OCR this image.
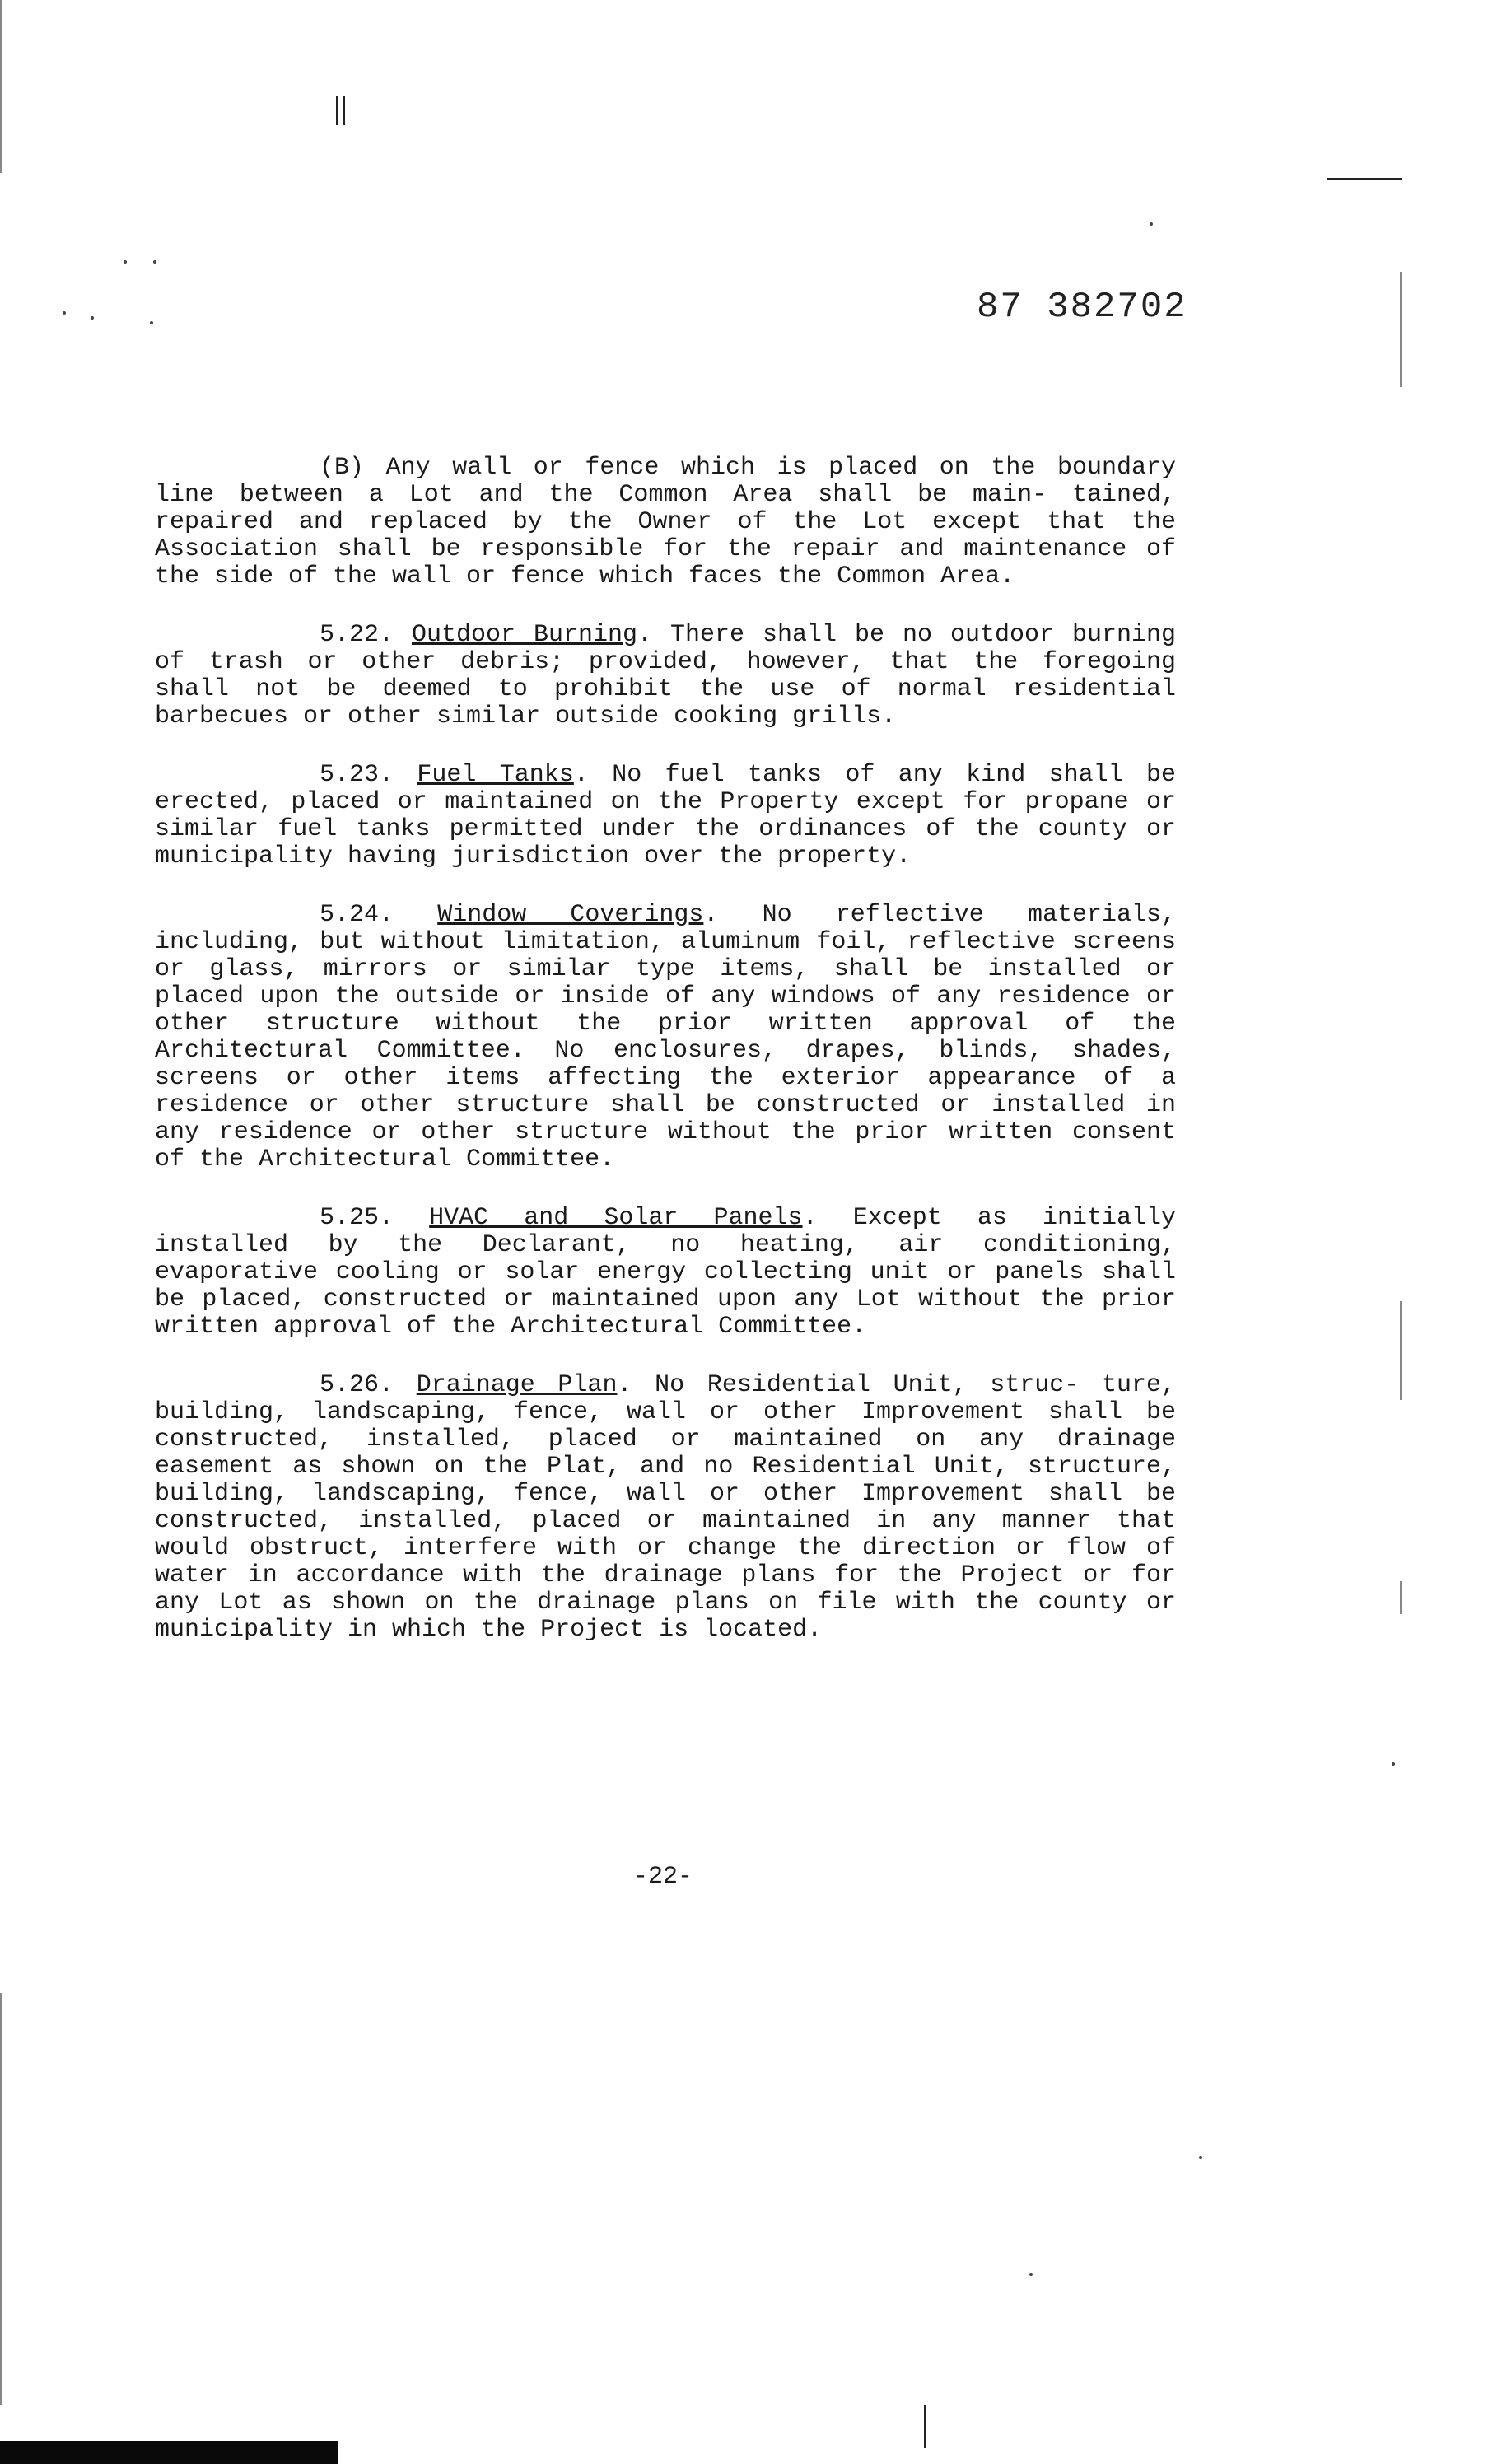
87 382702

(B) Any wall or fence which is placed on the boundary line between a Lot and the Common Area shall be main- tained, repaired and replaced by the Owner of the Lot except that the Association shall be responsible for the repair and maintenance of the side of the wall or fence which faces the Common Area.

5.22. Outdoor Burning. There shall be no outdoor burning of trash or other debris; provided, however, that the foregoing shall not be deemed to prohibit the use of normal residential barbecues or other similar outside cooking grills.

5.23. Fuel Tanks. No fuel tanks of any kind shall be erected, placed or maintained on the Property except for propane or similar fuel tanks permitted under the ordinances of the county or municipality having jurisdiction over the property.

5.24. Window Coverings. No reflective materials, including, but without limitation, aluminum foil, reflective screens or glass, mirrors or similar type items, shall be installed or placed upon the outside or inside of any windows of any residence or other structure without the prior written approval of the Architectural Committee. No enclosures, drapes, blinds, shades, screens or other items affecting the exterior appearance of a residence or other structure shall be constructed or installed in any residence or other structure without the prior written consent of the Architectural Committee.

5.25. HVAC and Solar Panels. Except as initially installed by the Declarant, no heating, air conditioning, evaporative cooling or solar energy collecting unit or panels shall be placed, constructed or maintained upon any Lot without the prior written approval of the Architectural Committee.

5.26. Drainage Plan. No Residential Unit, struc- ture, building, landscaping, fence, wall or other Improvement shall be constructed, installed, placed or maintained on any drainage easement as shown on the Plat, and no Residential Unit, structure, building, landscaping, fence, wall or other Improvement shall be constructed, installed, placed or maintained in any manner that would obstruct, interfere with or change the direction or flow of water in accordance with the drainage plans for the Project or for any Lot as shown on the drainage plans on file with the county or municipality in which the Project is located.

-22-
